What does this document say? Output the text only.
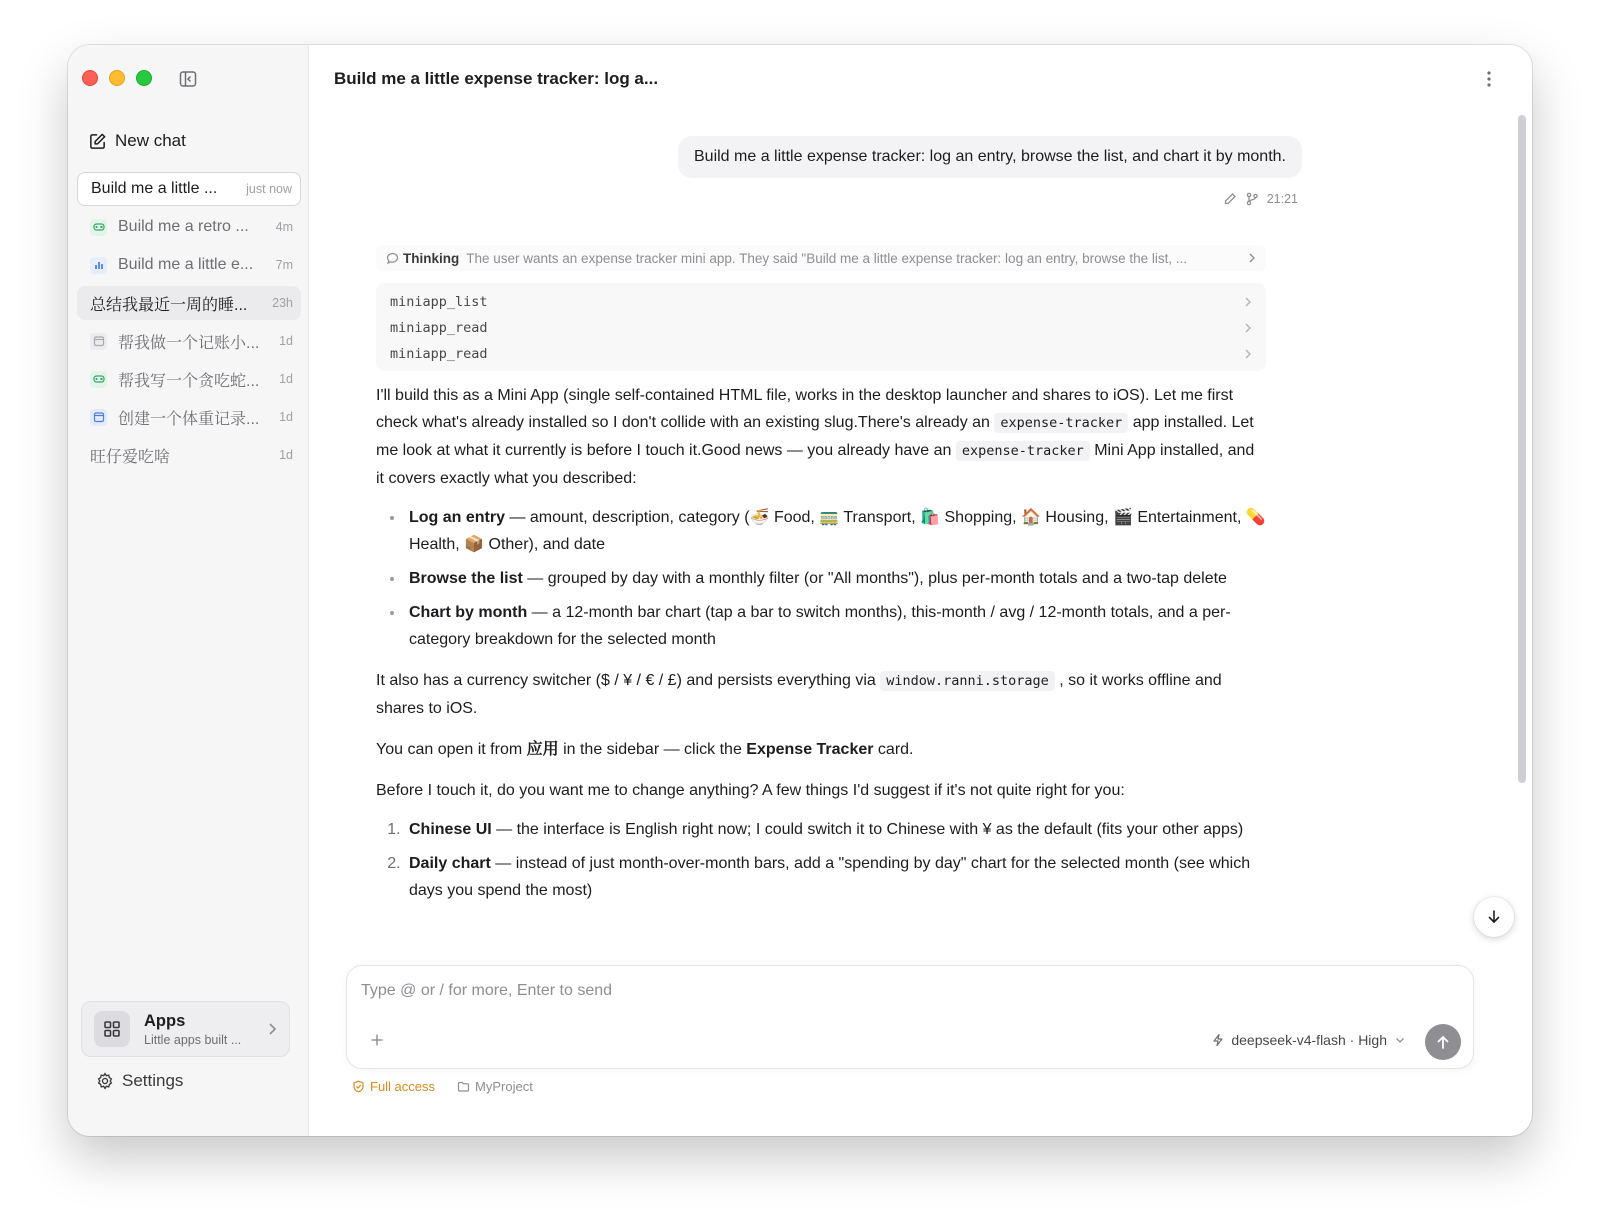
New chat
Build me a little ...	just now
Build me a retro ...	4m
Build me a little e...	7m
总结我最近一周的睡...	23h
帮我做一个记账小...	1d
帮我写一个贪吃蛇...	1d
创建一个体重记录...	1d
旺仔爱吃啥	1d
Apps
Little apps built ...
Settings
Build me a little expense tracker: log a...
Build me a little expense tracker: log an entry, browse the list, and chart it by month.
21:21
Thinking The user wants an expense tracker mini app. They said "Build me a little expense tracker: log an entry, browse the list, ...
miniapp_list
miniapp_read
miniapp_read

I'll build this as a Mini App (single self-contained HTML file, works in the desktop launcher and shares to iOS). Let me first check what's already installed so I don't collide with an existing slug.There's already an expense-tracker app installed. Let me look at what it currently is before I touch it.Good news — you already have an expense-tracker Mini App installed, and it covers exactly what you described:

• Log an entry — amount, description, category (🍜 Food, 🚃 Transport, 🛍️ Shopping, 🏠 Housing, 🎬 Entertainment, 💊 Health, 📦 Other), and date
• Browse the list — grouped by day with a monthly filter (or "All months"), plus per-month totals and a two-tap delete
• Chart by month — a 12-month bar chart (tap a bar to switch months), this-month / avg / 12-month totals, and a per-category breakdown for the selected month

It also has a currency switcher ($ / ¥ / € / £) and persists everything via window.ranni.storage , so it works offline and shares to iOS.

You can open it from 应用 in the sidebar — click the Expense Tracker card.

Before I touch it, do you want me to change anything? A few things I'd suggest if it's not quite right for you:

1. Chinese UI — the interface is English right now; I could switch it to Chinese with ¥ as the default (fits your other apps)
2. Daily chart — instead of just month-over-month bars, add a "spending by day" chart for the selected month (see which days you spend the most)
Type @ or / for more, Enter to send
deepseek-v4-flash · High
Full access	MyProject
